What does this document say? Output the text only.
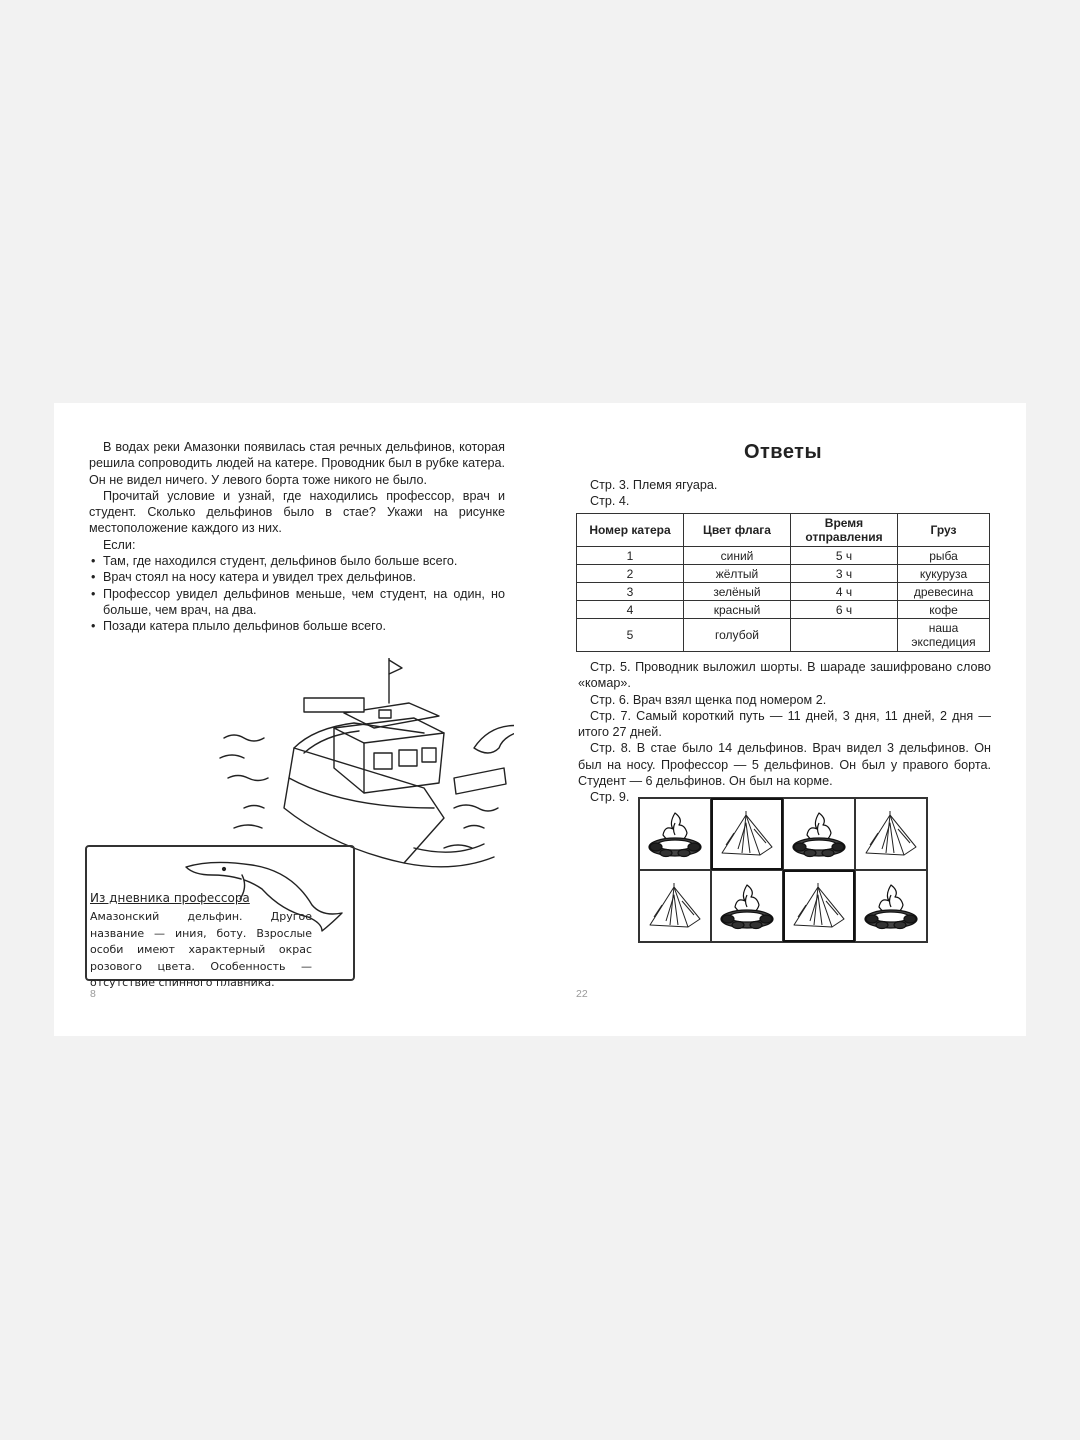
В водах реки Амазонки появилась стая речных дельфинов, которая решила сопроводить людей на катере. Проводник был в рубке катера. Он не видел ничего. У левого борта тоже никого не было.

Прочитай условие и узнай, где находились профессор, врач и студент. Сколько дельфинов было в стае? Укажи на рисунке местоположение каждого из них.

Если:

• Там, где находился студент, дельфинов было больше всего.
• Врач стоял на носу катера и увидел трех дельфинов.
• Профессор увидел дельфинов меньше, чем студент, на один, но больше, чем врач, на два.
• Позади катера плыло дельфинов больше всего.
Из дневника профессора
Амазонский дельфин. Другое название — иния, боту. Взрослые особи имеют характерный окрас розового цвета. Особенность — отсутствие спинного плавника.
8
Ответы

Стр. 3. Племя ягуара.

Стр. 4.

Номер катера	Цвет флага	Время отправления	Груз
1	синий	5 ч	рыба
2	жёлтый	3 ч	кукуруза
3	зелёный	4 ч	древесина
4	красный	6 ч	кофе
5	голубой		наша экспедиция

Стр. 5. Проводник выложил шорты. В шараде зашифровано слово «комар».

Стр. 6. Врач взял щенка под номером 2.

Стр. 7. Самый короткий путь — 11 дней, 3 дня, 11 дней, 2 дня — итого 27 дней.

Стр. 8. В стае было 14 дельфинов. Врач видел 3 дельфинов. Он был на носу. Профессор — 5 дельфинов. Он был у правого борта. Студент — 6 дельфинов. Он был на корме.

Стр. 9.

22
